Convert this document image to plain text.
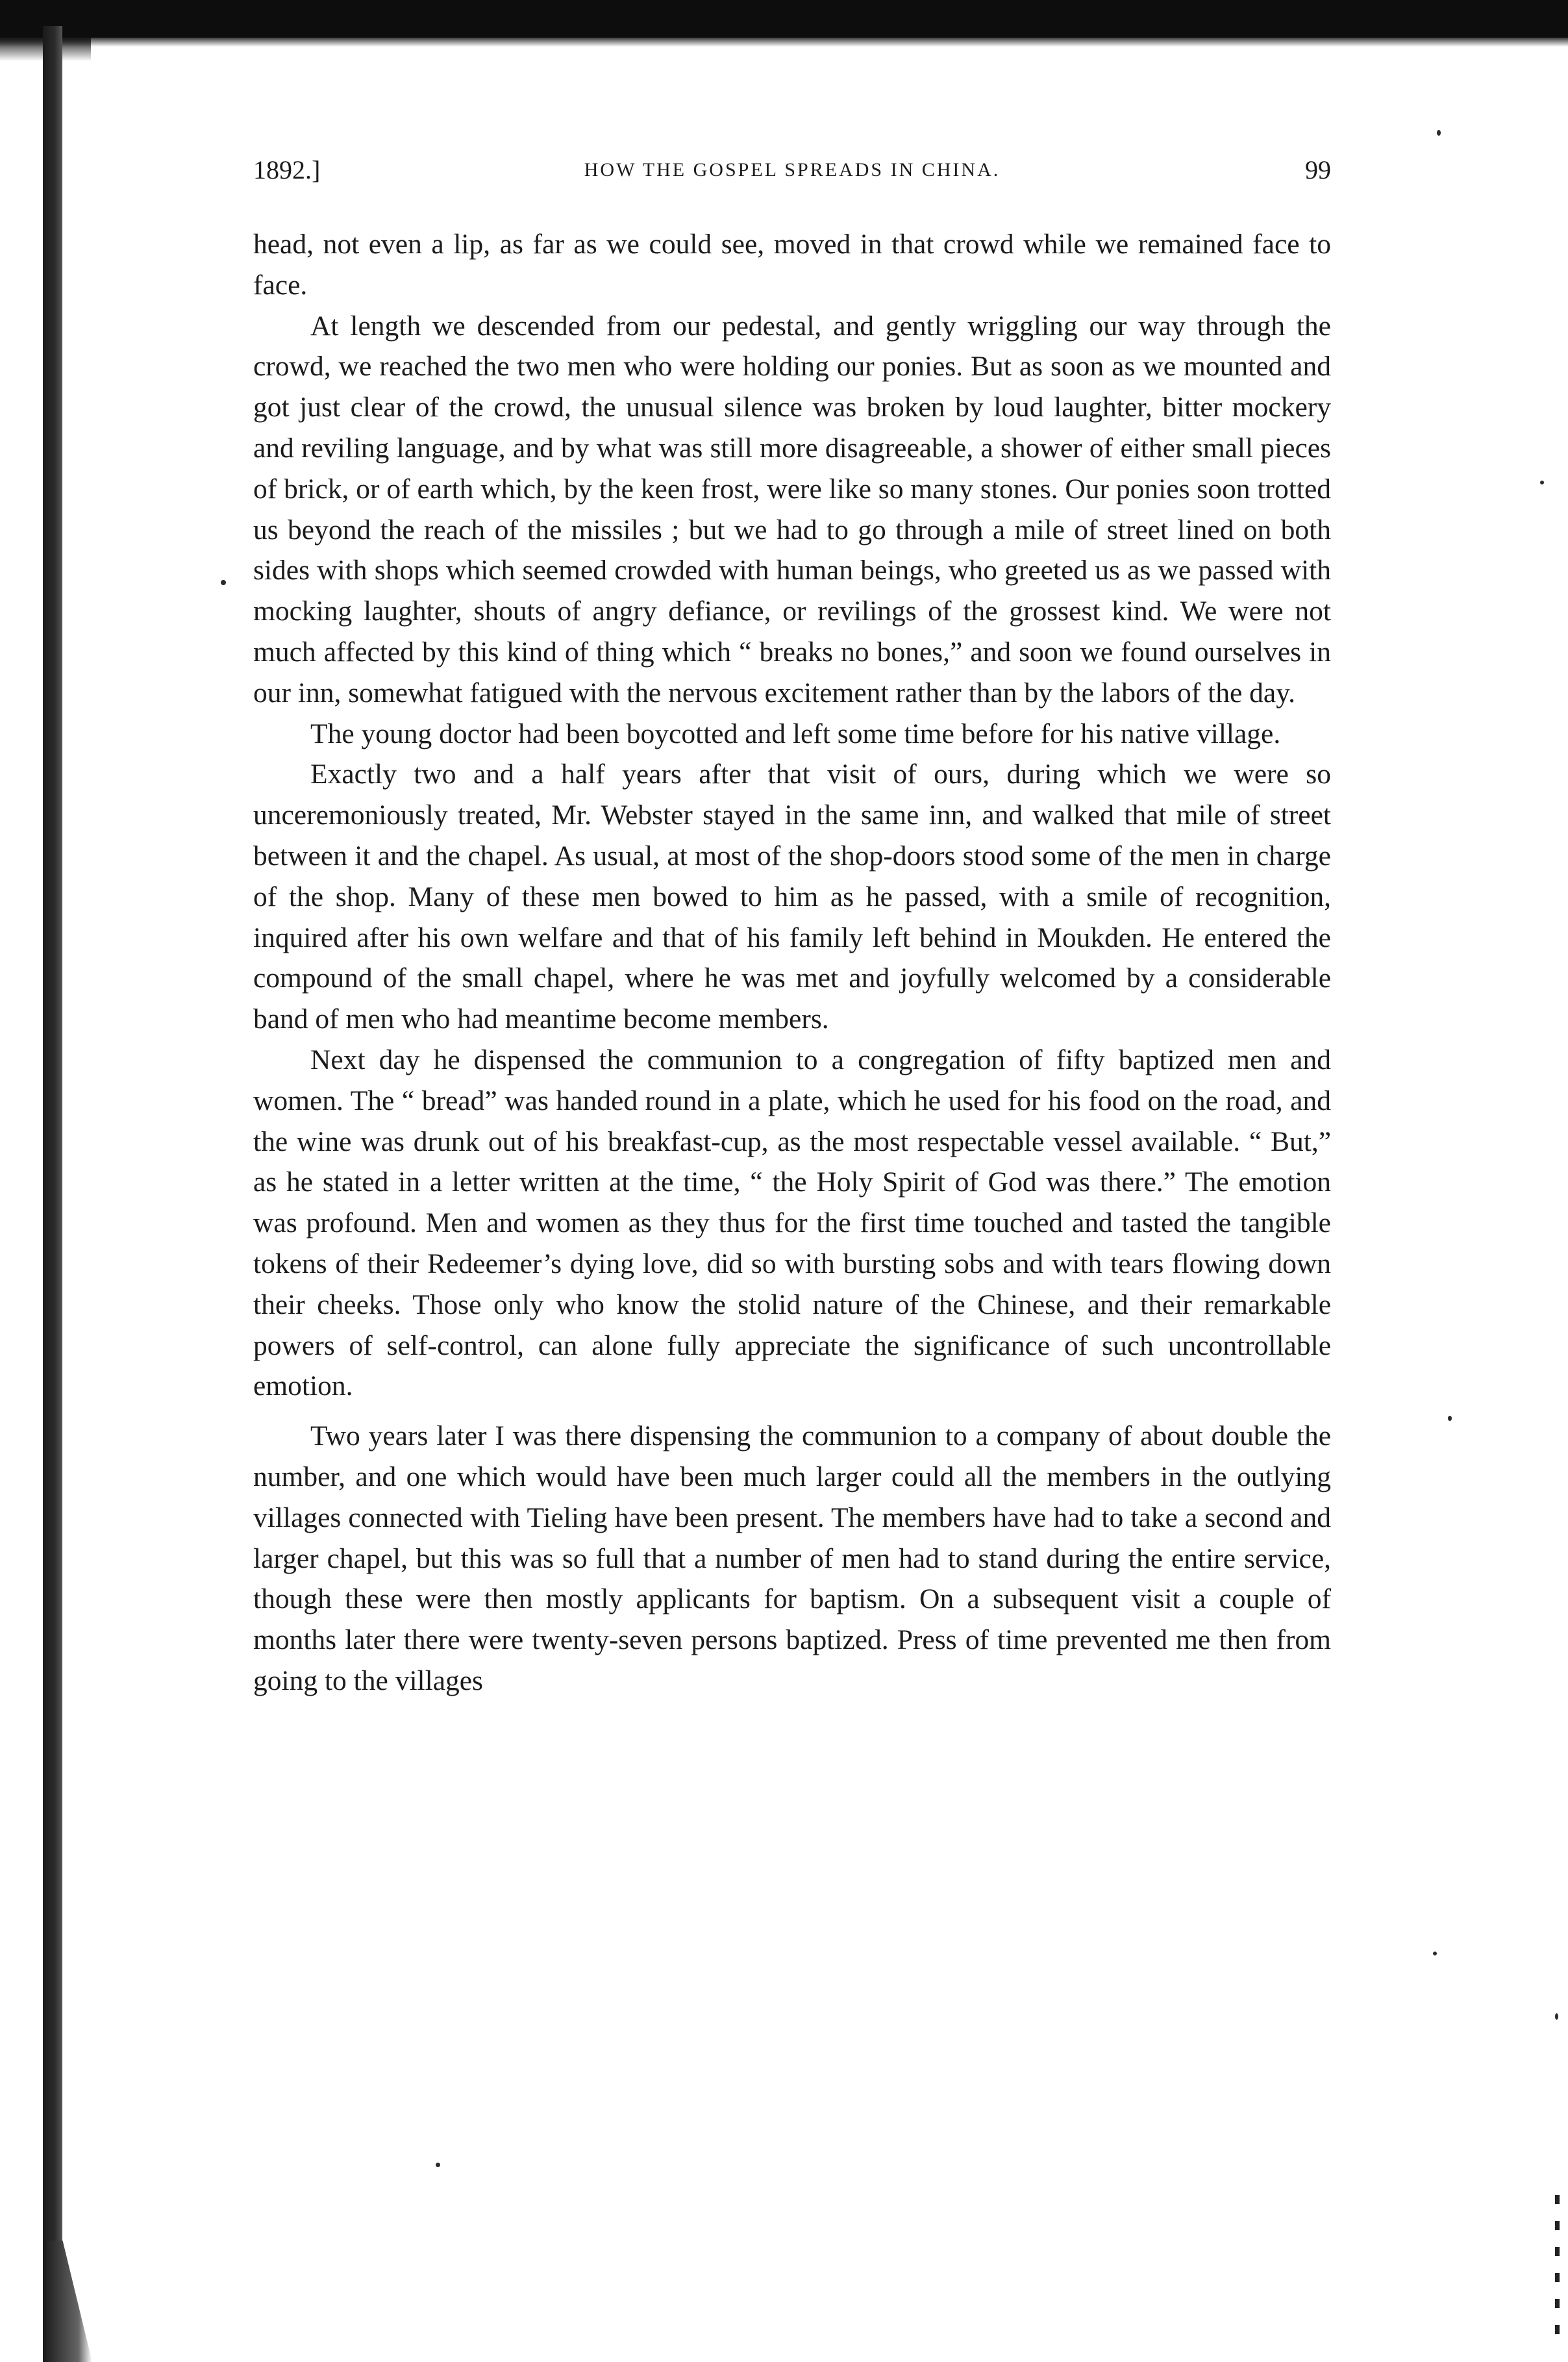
1892.]	HOW THE GOSPEL SPREADS IN CHINA.	99

head, not even a lip, as far as we could see, moved in that crowd while we remained face to face.

At length we descended from our pedestal, and gently wriggling our way through the crowd, we reached the two men who were holding our ponies. But as soon as we mounted and got just clear of the crowd, the unusual silence was broken by loud laughter, bitter mockery and reviling language, and by what was still more disagreeable, a shower of either small pieces of brick, or of earth which, by the keen frost, were like so many stones. Our ponies soon trotted us beyond the reach of the missiles ; but we had to go through a mile of street lined on both sides with shops which seemed crowded with human beings, who greeted us as we passed with mocking laughter, shouts of angry defiance, or revilings of the grossest kind. We were not much affected by this kind of thing which “ breaks no bones,” and soon we found ourselves in our inn, somewhat fatigued with the nervous excitement rather than by the labors of the day.

The young doctor had been boycotted and left some time before for his native village.

Exactly two and a half years after that visit of ours, during which we were so unceremoniously treated, Mr. Webster stayed in the same inn, and walked that mile of street between it and the chapel. As usual, at most of the shop-doors stood some of the men in charge of the shop. Many of these men bowed to him as he passed, with a smile of recognition, inquired after his own welfare and that of his family left behind in Moukden. He entered the compound of the small chapel, where he was met and joyfully welcomed by a considerable band of men who had meantime become members.

Next day he dispensed the communion to a congregation of fifty baptized men and women. The “ bread” was handed round in a plate, which he used for his food on the road, and the wine was drunk out of his breakfast-cup, as the most respectable vessel available. “ But,” as he stated in a letter written at the time, “ the Holy Spirit of God was there.” The emotion was profound. Men and women as they thus for the first time touched and tasted the tangible tokens of their Redeemer’s dying love, did so with bursting sobs and with tears flowing down their cheeks. Those only who know the stolid nature of the Chinese, and their remarkable powers of self-control, can alone fully appreciate the significance of such uncontrollable emotion.

Two years later I was there dispensing the communion to a company of about double the number, and one which would have been much larger could all the members in the outlying villages connected with Tieling have been present. The members have had to take a second and larger chapel, but this was so full that a number of men had to stand during the entire service, though these were then mostly applicants for baptism. On a subsequent visit a couple of months later there were twenty-seven persons baptized. Press of time prevented me then from going to the villages
